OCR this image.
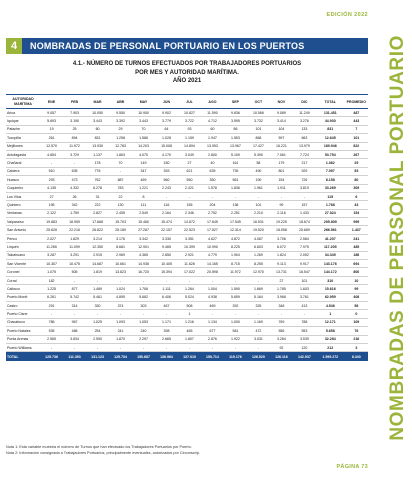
EDICIÓN 2022
NOMBRADAS DE PERSONAL PORTUARIO
4	NOMBRADAS DE PERSONAL PORTUARIO EN LOS PUERTOS
4.1.- NÚMERO DE TURNOS EFECTUADOS POR TRABAJADORES PORTUARIOS
POR MES Y AUTORIDAD MARÍTIMA.
AÑO 2021
AUTORIDAD MARÍTIMA	ENE	FEB	MAR	ABR	MAY	JUN	JUL	AGO	SEP	OCT	NOV	DIC	TOTAL	PROMEDIO
Arica	9.057	7.903	10.050	9.550	10.900	9.902	10.827	11.590	9.836	10.566	9.089	11.249	131.451	487
Iquique	5.693	3.190	3.443	3.392	3.443	3.779	3.722	4.712	3.595	3.732	3.414	3.276	44.930	443
Patache	19	25	60	29	70	64	93	60	86	101	104	133	831	7
Tocopilla	261	894	831	1.258	1.586	1.028	1.159	1.947	1.553	868	597	663	12.645	101
Mejillones	12.570	11.972	13.930	12.783	14.203	15.008	14.894	13.953	13.967	17.427	16.221	13.979	169.946	822
Antofagasta	4.654	3.729	1.137	1.863	4.070	4.170	3.049	2.800	5.109	5.390	7.061	7.724	53.754	267
Chañaral	-	-	178	70	149	150	27	40	161	58	179	217	1.362	29
Caldera	510	635	776	-	347	393	621	635	739	490	801	929	7.097	93
Huasco	293	473	762	887	469	560	550	350	561	190	154	726	6.158	80
Coquimbo	4.135	4.332	6.278	783	1.221	2.243	2.421	1.578	1.836	1.961	1.911	3.819	33.269	309
Los Vilos	27	26	31	22	8	-	-	-	-	-	-	-	115	6
Quintero	195	342	222	130	111	116	155	204	136	101	99	157	1.768	43
Ventanas	2.122	1.759	2.827	2.455	2.549	2.164	2.346	2.752	2.251	2.210	2.116	1.433	27.024	154
Valparaíso	19.883	16.959	17.668	15.703	15.460	15.474	14.872	17.645	17.545	16.531	19.225	18.674	205.809	999
San Antonio	25.628	22.216	26.822	25.189	27.287	22.157	22.523	17.527	12.314	19.520	18.058	25.689	266.561	1.437
Penco	2.027	1.829	3.214	3.176	3.342	3.330	3.351	4.627	4.872	4.087	3.706	2.584	41.207	241
Lirquén	11.265	11.099	12.350	8.681	12.901	9.465	10.399	10.990	8.225	6.603	6.072	7.975	117.205	485
Talcahuano	3.287	3.291	2.915	2.969	4.365	2.850	2.921	4.779	1.904	1.269	1.824	2.052	34.349	186
San Vicente	10.307	10.475	14.687	10.661	14.936	10.405	11.628	14.165	8.715	8.255	9.113	9.917	143.176	694
Coronel	1.075	505	1.819	13.823	16.720	15.394	17.022	20.598	11.972	12.970	13.731	16.547	144.172	800
Corral	182	-	-	-	-	-	-	-	-	-	27	101	310	10
Calbuco	1.225	877	1.489	1.024	1.706	1.111	1.264	1.004	1.590	1.669	1.785	1.603	15.616	99
Puerto Montt	6.261	5.742	5.461	4.895	5.682	6.406	5.024	4.938	5.659	5.164	3.966	3.761	62.959	408
Castro	291	314	330	374	303	467	508	469	392	325	348	413	4.546	56
Puerto Cisne	-	-	-	-	-	-	1	-	-	-	-	-	1	0
Chacabuco	786	967	1.025	1.093	1.053	1.171	1.216	1.134	1.000	1.169	769	788	12.171	109
Puerto Natales	535	486	254	241	240	398	465	677	581	472	556	553	5.658	76
Punta Arenas	2.565	3.834	2.590	1.870	2.297	2.665	1.807	2.876	1.922	3.031	3.284	3.539	32.284	216
Puerto Williams	-	-	-	-	-	-	-	-	-	-	92	120	212	3
TOTAL	125.736	111.393	131.123	125.704	150.687	136.964	137.010	150.714	119.176	126.520	126.116	142.937	1.599.272	8.340
Nota 1: Esta variable muestra el número de Turnos que han efectuado los Trabajadores Portuarios por Puerto.
Nota 2: Información consignada a Trabajadores Portuarios, principalmente eventuales, autorizados por Circunscrip.
PÁGINA 73
